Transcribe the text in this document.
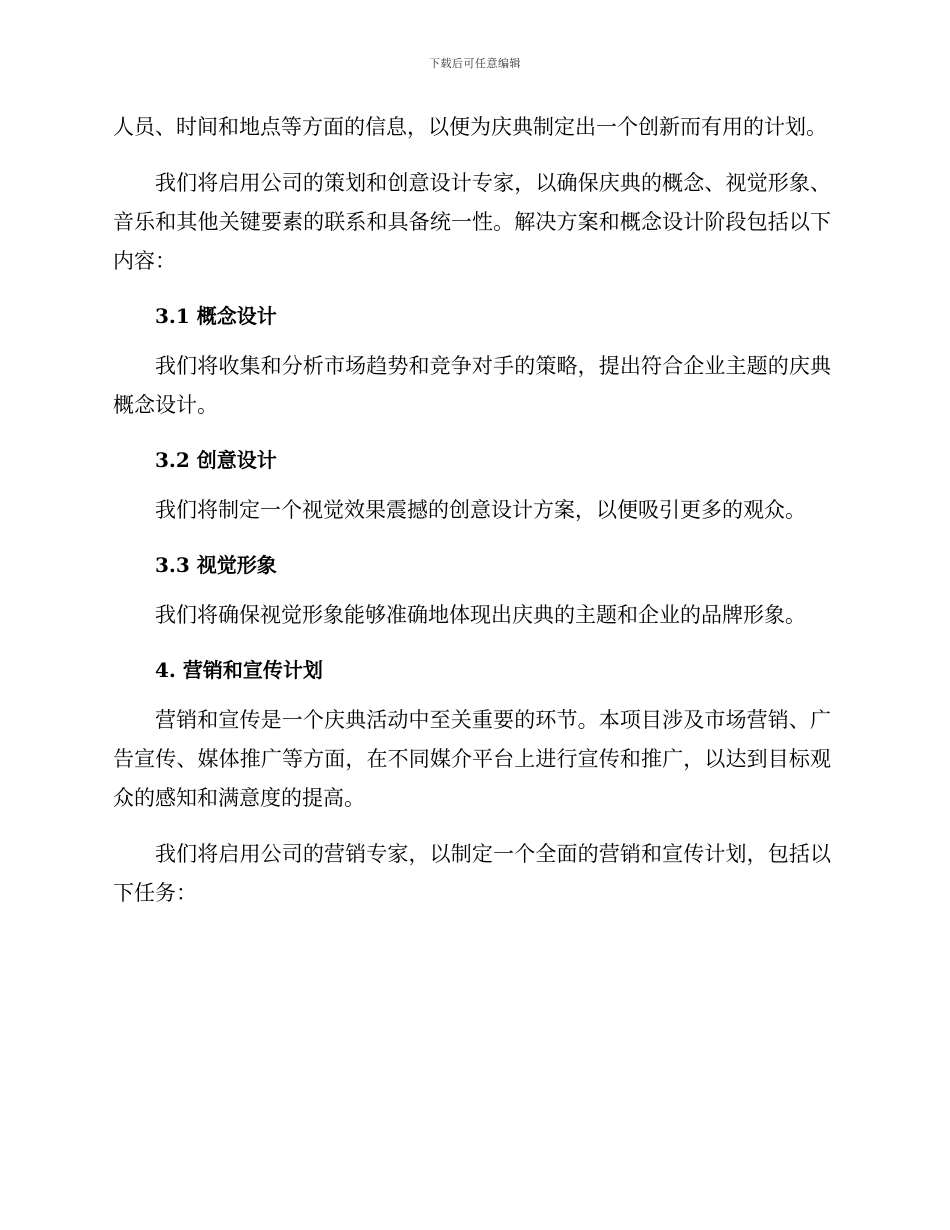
下载后可任意编辑

人员、时间和地点等方面的信息，以便为庆典制定出一个创新而有用的计划。

我们将启用公司的策划和创意设计专家，以确保庆典的概念、视觉形象、音乐和其他关键要素的联系和具备统一性。解决方案和概念设计阶段包括以下内容：

3.1 概念设计

我们将收集和分析市场趋势和竞争对手的策略，提出符合企业主题的庆典概念设计。

3.2 创意设计

我们将制定一个视觉效果震撼的创意设计方案，以便吸引更多的观众。

3.3 视觉形象

我们将确保视觉形象能够准确地体现出庆典的主题和企业的品牌形象。

4. 营销和宣传计划

营销和宣传是一个庆典活动中至关重要的环节。本项目涉及市场营销、广告宣传、媒体推广等方面，在不同媒介平台上进行宣传和推广，以达到目标观众的感知和满意度的提高。

我们将启用公司的营销专家，以制定一个全面的营销和宣传计划，包括以下任务：
